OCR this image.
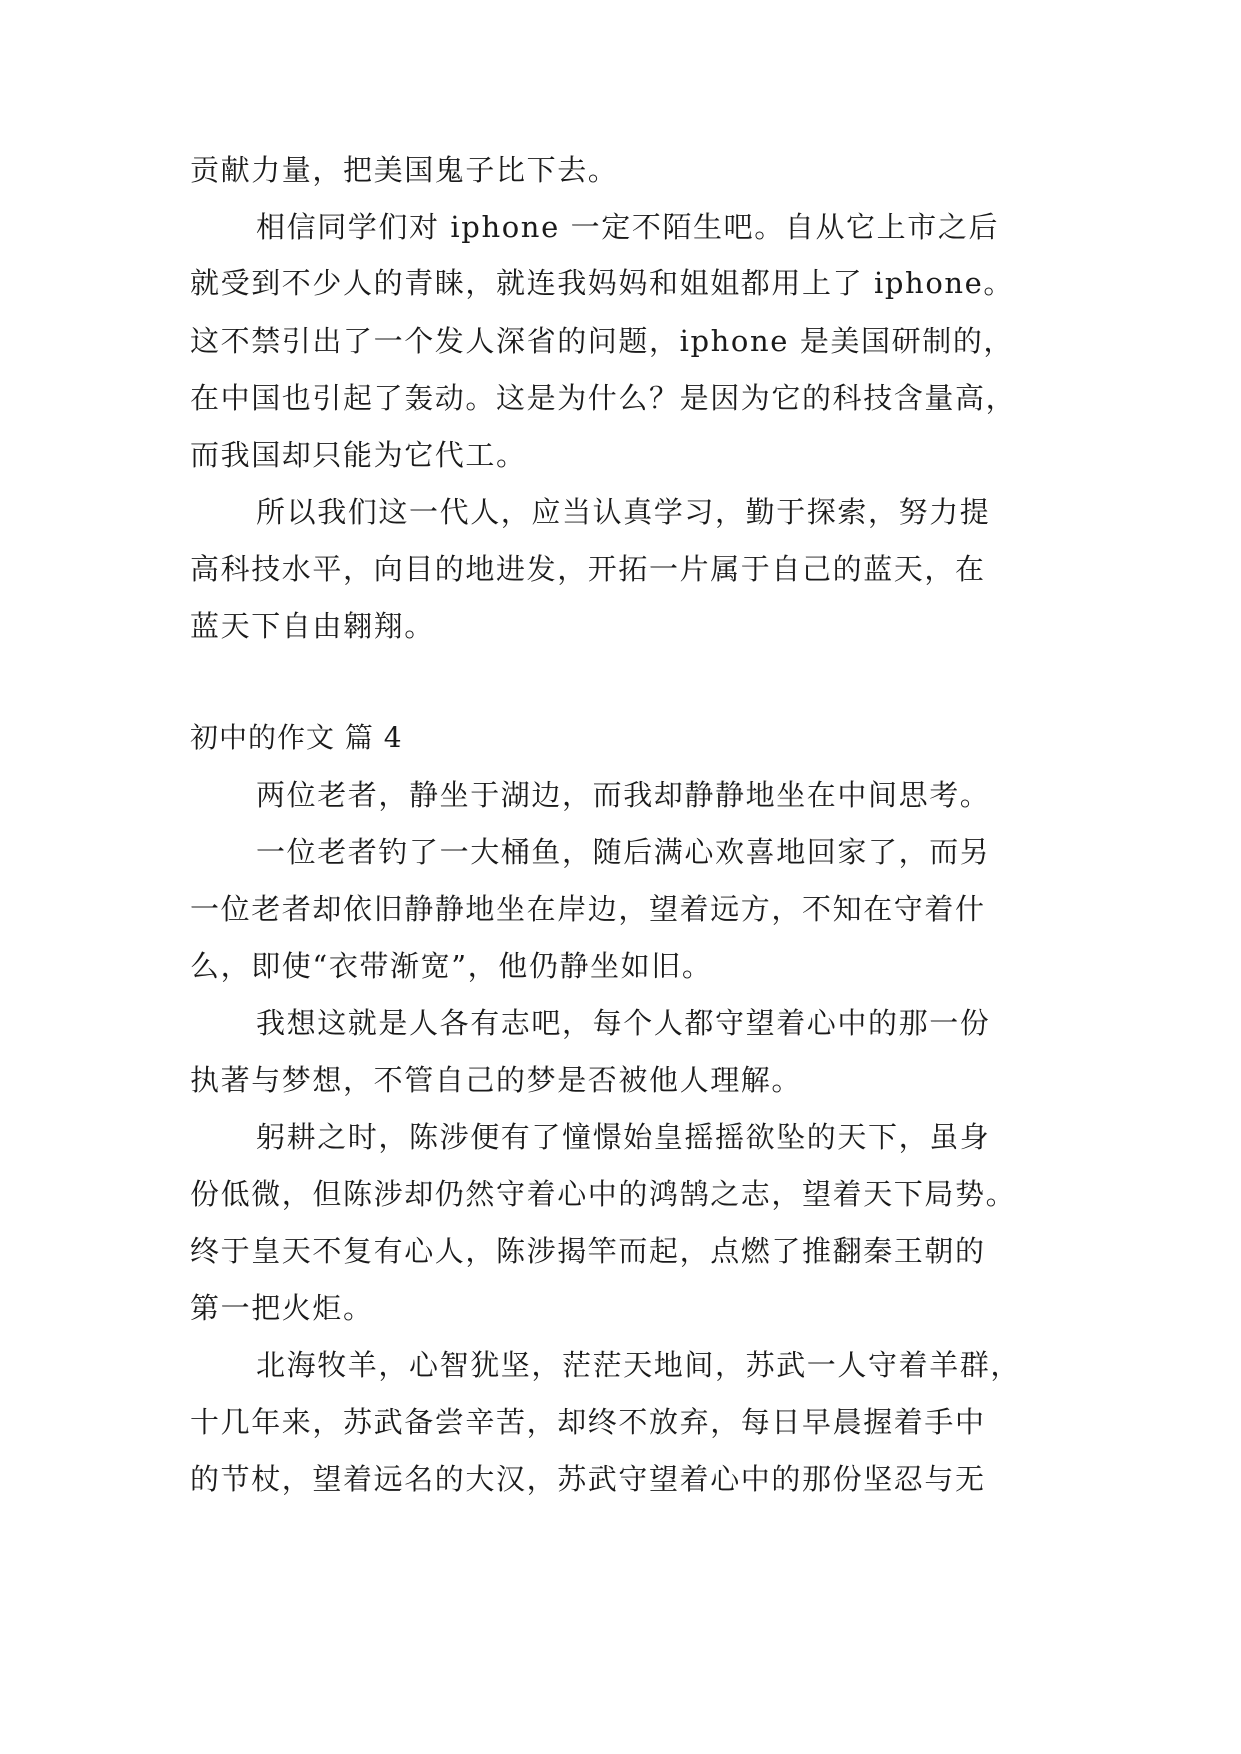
贡献力量，把美国鬼子比下去。
相信同学们对 iphone 一定不陌生吧。自从它上市之后
就受到不少人的青睐，就连我妈妈和姐姐都用上了 iphone。
这不禁引出了一个发人深省的问题，iphone 是美国研制的，
在中国也引起了轰动。这是为什么？是因为它的科技含量高，
而我国却只能为它代工。
所以我们这一代人，应当认真学习，勤于探索，努力提
高科技水平，向目的地进发，开拓一片属于自己的蓝天，在
蓝天下自由翱翔。
初中的作文 篇 4
两位老者，静坐于湖边，而我却静静地坐在中间思考。
一位老者钓了一大桶鱼，随后满心欢喜地回家了，而另
一位老者却依旧静静地坐在岸边，望着远方，不知在守着什
么，即使“衣带渐宽”，他仍静坐如旧。
我想这就是人各有志吧，每个人都守望着心中的那一份
执著与梦想，不管自己的梦是否被他人理解。
躬耕之时，陈涉便有了憧憬始皇摇摇欲坠的天下，虽身
份低微，但陈涉却仍然守着心中的鸿鹄之志，望着天下局势。
终于皇天不复有心人，陈涉揭竿而起，点燃了推翻秦王朝的
第一把火炬。
北海牧羊，心智犹坚，茫茫天地间，苏武一人守着羊群，
十几年来，苏武备尝辛苦，却终不放弃，每日早晨握着手中
的节杖，望着远名的大汉，苏武守望着心中的那份坚忍与无
